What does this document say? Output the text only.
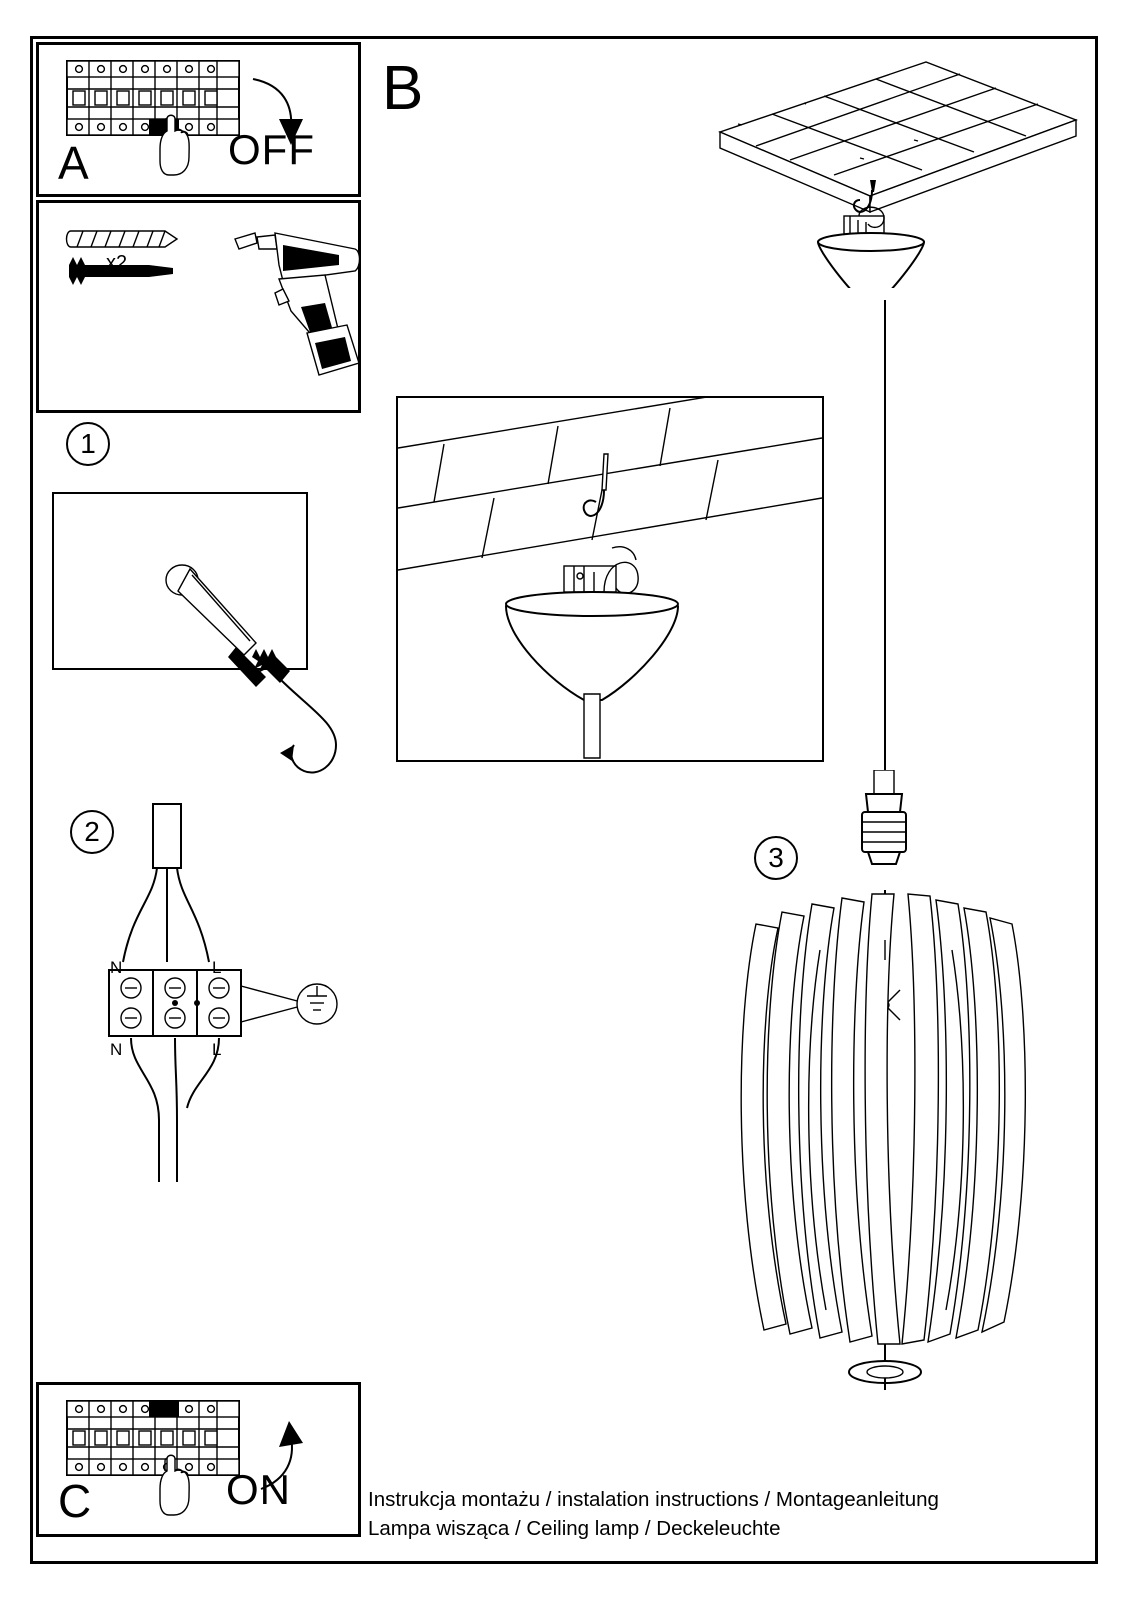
A	OFF
x2
1
2
N	L
N	L
C	ON
B
3
Instrukcja montażu / instalation instructions / Montageanleitung
Lampa wisząca / Ceiling lamp / Deckeleuchte
